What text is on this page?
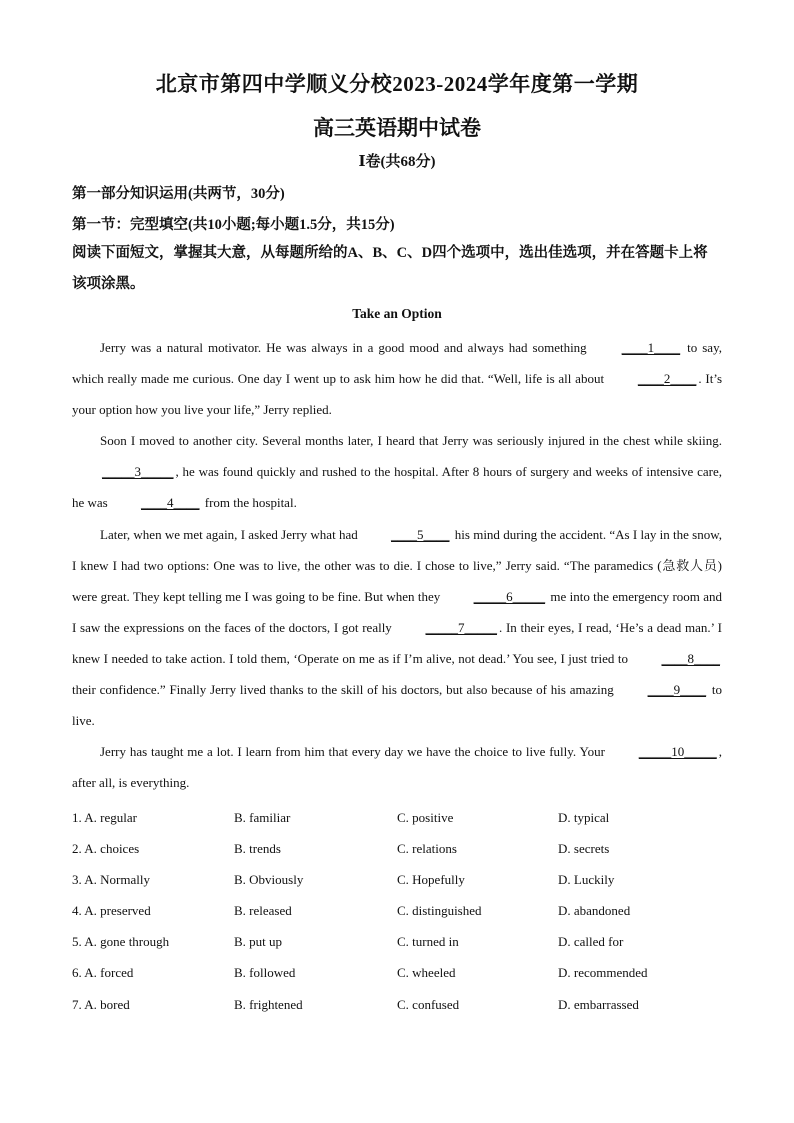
北京市第四中学顺义分校2023-2024学年度第一学期
高三英语期中试卷
Ⅰ卷(共68分)
第一部分知识运用(共两节，30分)
第一节：完型填空(共10小题;每小题1.5分，共15分)
阅读下面短文，掌握其大意，从每题所给的A、B、C、D四个选项中，选出佳选项，并在答题卡上将该项涂黑。
Take an Option

Jerry was a natural motivator. He was always in a good mood and always had something ____1____ to say, which really made me curious. One day I went up to ask him how he did that. “Well, life is all about ____2____ . It’s your option how you live your life,” Jerry replied.

Soon I moved to another city. Several months later, I heard that Jerry was seriously injured in the chest while skiing. _____3_____ , he was found quickly and rushed to the hospital. After 8 hours of surgery and weeks of intensive care, he was ____4____ from the hospital.

Later, when we met again, I asked Jerry what had ____5____ his mind during the accident. “As I lay in the snow, I knew I had two options: One was to live, the other was to die. I chose to live,” Jerry said. “The paramedics (急救人员) were great. They kept telling me I was going to be fine. But when they _____6_____ me into the emergency room and I saw the expressions on the faces of the doctors, I got really _____7_____ . In their eyes, I read, ‘He’s a dead man.’ I knew I needed to take action. I told them, ‘Operate on me as if I’m alive, not dead.’ You see, I just tried to ____8____ their confidence.” Finally Jerry lived thanks to the skill of his doctors, but also because of his amazing ____9____ to live.

Jerry has taught me a lot. I learn from him that every day we have the choice to live fully. Your _____10_____ , after all, is everything.

1. A. regular	B. familiar	C. positive	D. typical
2. A. choices	B. trends	C. relations	D. secrets
3. A. Normally	B. Obviously	C. Hopefully	D. Luckily
4. A. preserved	B. released	C. distinguished	D. abandoned
5. A. gone through	B. put up	C. turned in	D. called for
6. A. forced	B. followed	C. wheeled	D. recommended
7. A. bored	B. frightened	C. confused	D. embarrassed
